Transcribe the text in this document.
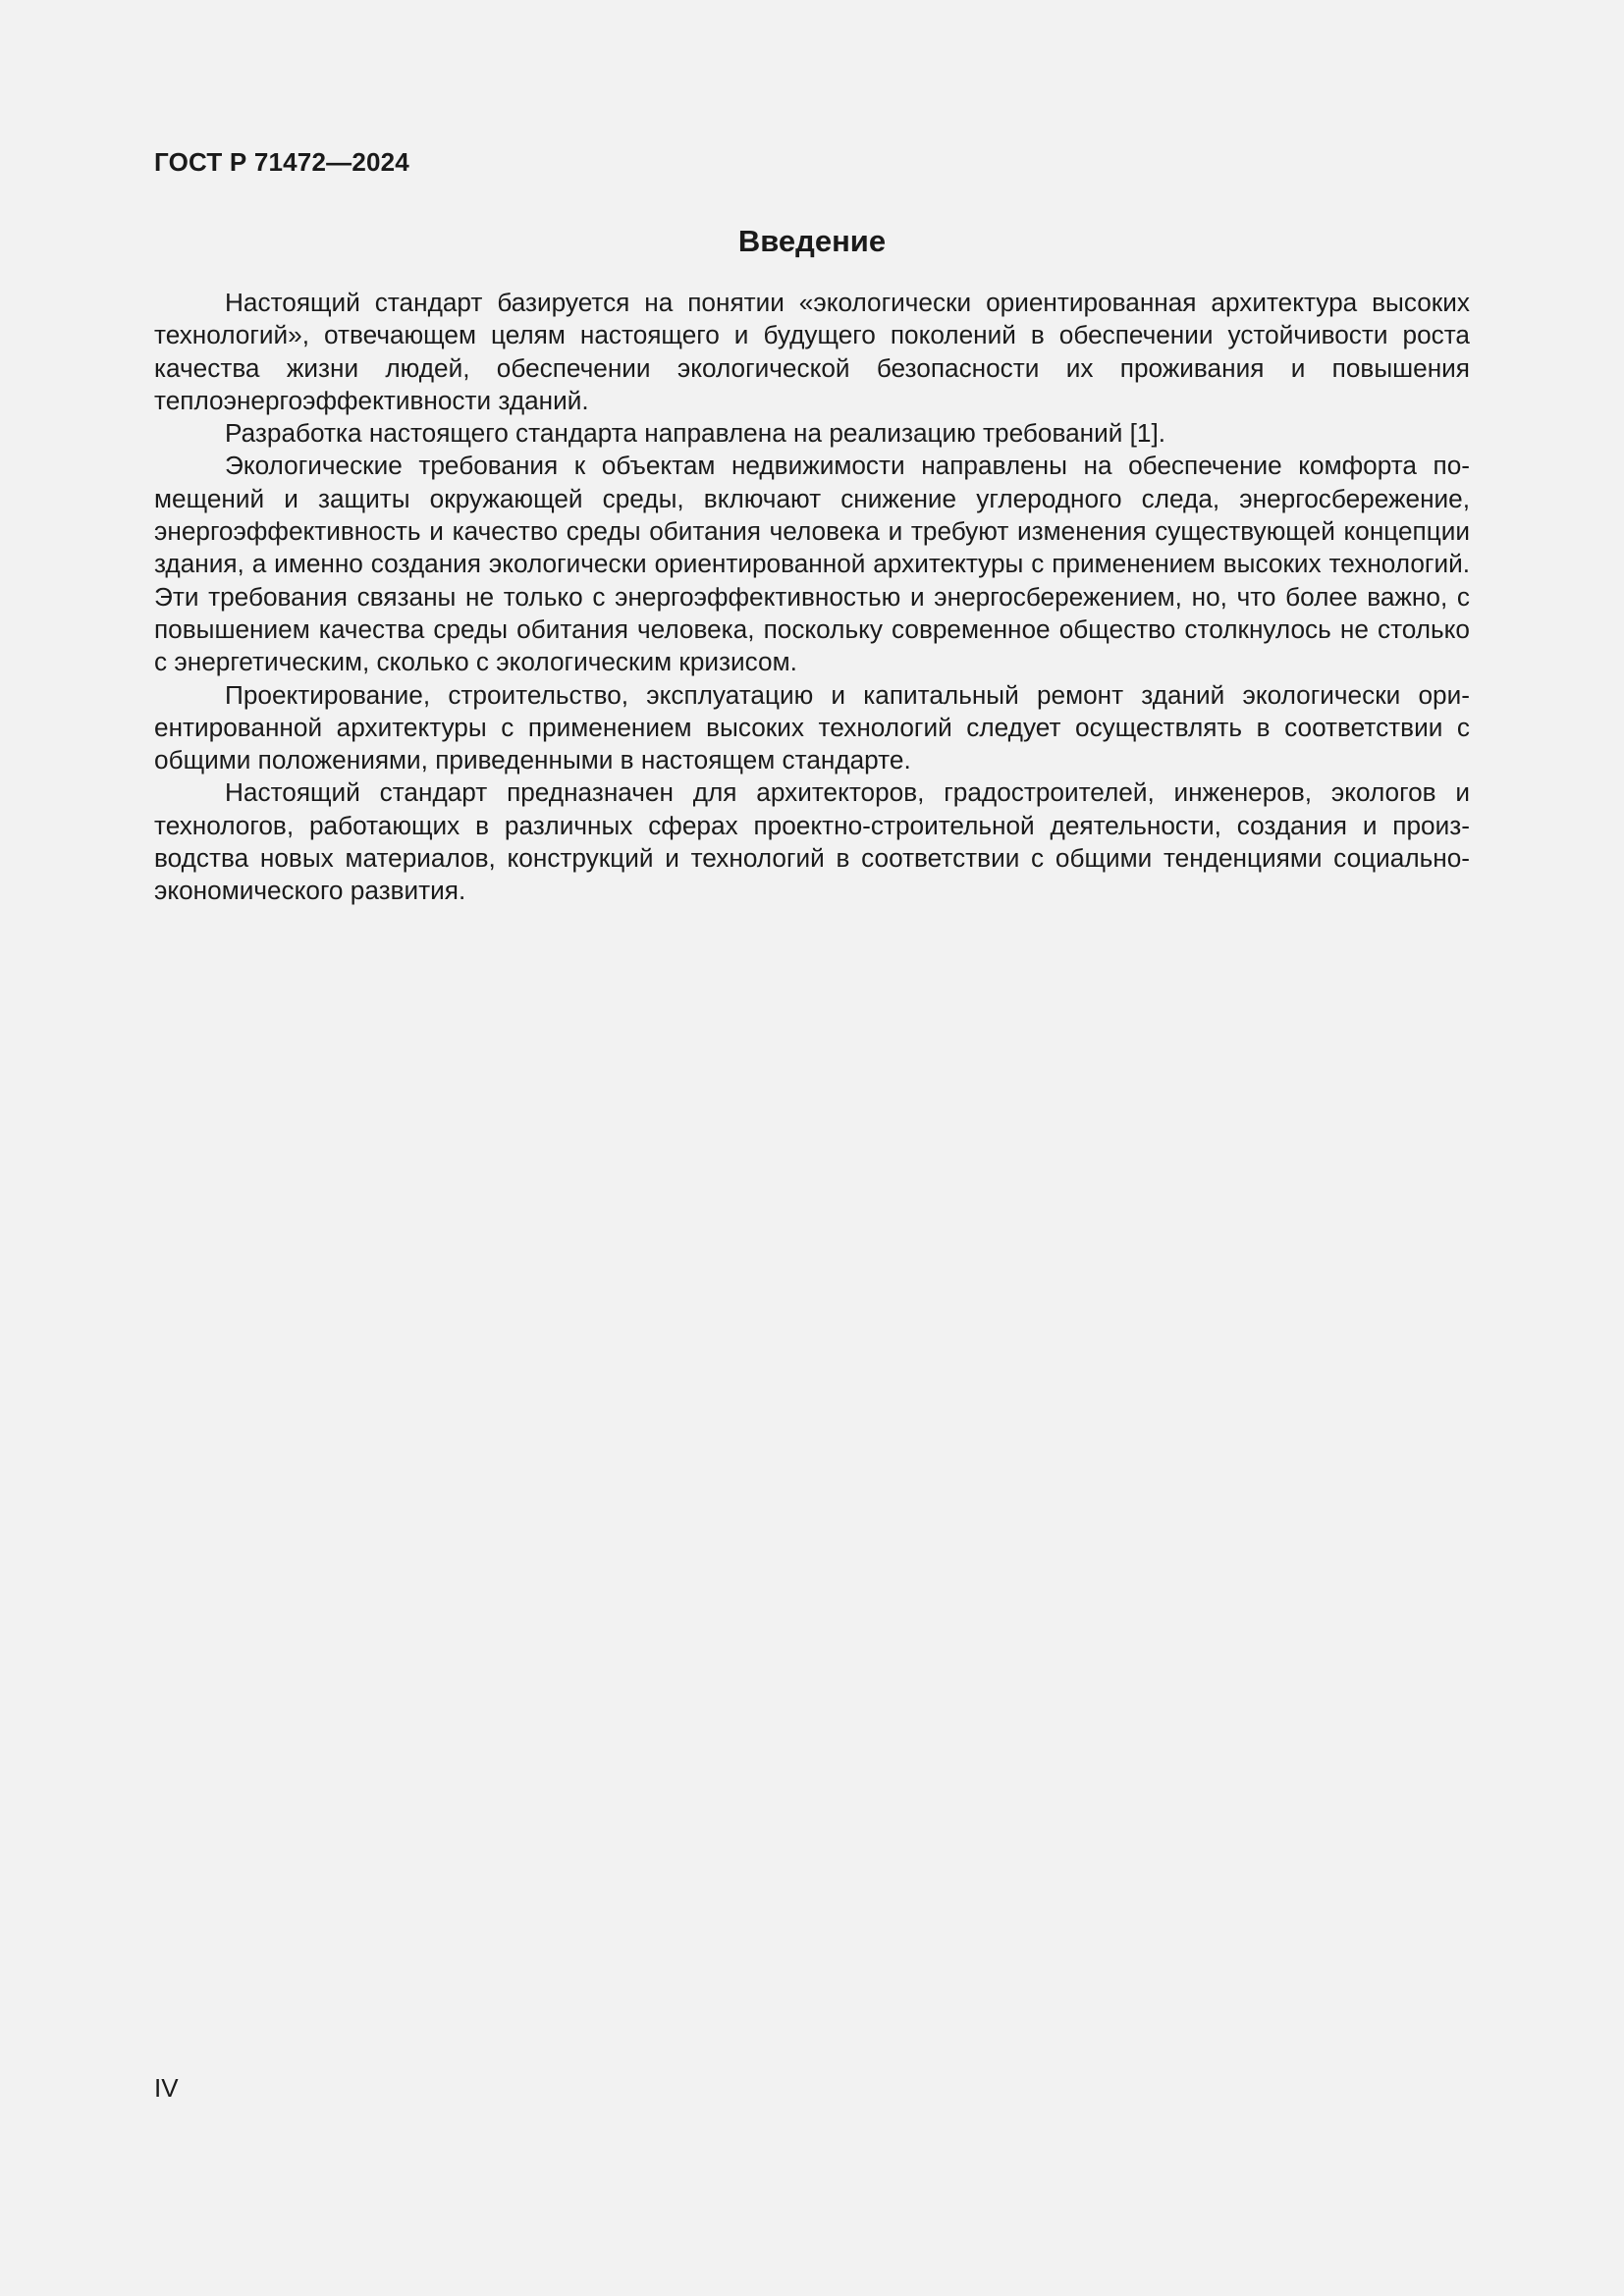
ГОСТ Р 71472—2024
Введение

Настоящий стандарт базируется на понятии «экологически ориентированная архитектура высоких технологий», отвечающем целям настоящего и будущего поколений в обеспечении устойчивости роста качества жизни людей, обеспечении экологической безопасности их проживания и повышения теплоэнергоэффективности зданий.

Разработка настоящего стандарта направлена на реализацию требований [1].

Экологические требования к объектам недвижимости направлены на обеспечение комфорта помещений и защиты окружающей среды, включают снижение углеродного следа, энергосбережение, энергоэффективность и качество среды обитания человека и требуют изменения существующей концепции здания, а именно создания экологически ориентированной архитектуры с применением высоких технологий. Эти требования связаны не только с энергоэффективностью и энергосбережением, но, что более важно, с повышением качества среды обитания человека, поскольку современное общество столкнулось не столько с энергетическим, сколько с экологическим кризисом.

Проектирование, строительство, эксплуатацию и капитальный ремонт зданий экологически ориентированной архитектуры с применением высоких технологий следует осуществлять в соответствии с общими положениями, приведенными в настоящем стандарте.

Настоящий стандарт предназначен для архитекторов, градостроителей, инженеров, экологов и технологов, работающих в различных сферах проектно-строительной деятельности, создания и производства новых материалов, конструкций и технологий в соответствии с общими тенденциями социально-экономического развития.

IV
